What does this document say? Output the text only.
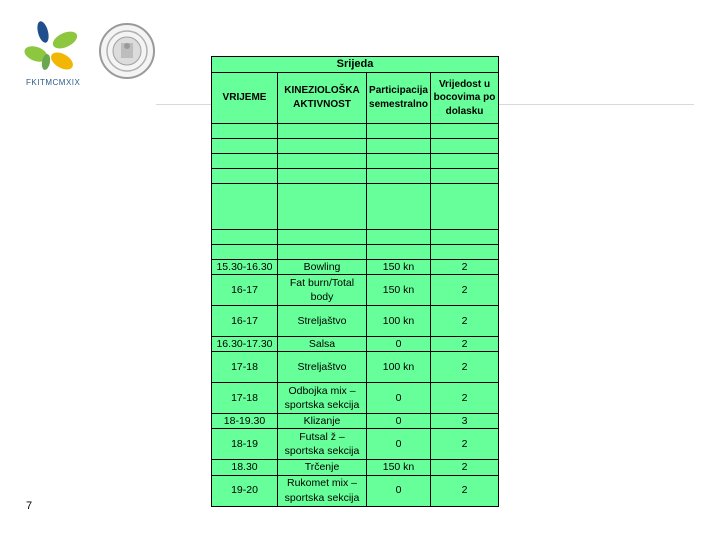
FKITMCMXIX
Srijeda			
VRIJEME	KINEZIOLOŠKA AKTIVNOST	Participacija semestralno	Vrijedost u bocovima po dolasku

15.30-16.30	Bowling	150 kn	2
16-17	Fat burn/Total body	150 kn	2
16-17	Streljaštvo	100 kn	2
16.30-17.30	Salsa	0	2
17-18	Streljaštvo	100 kn	2
17-18	Odbojka mix – sportska sekcija	0	2
18-19.30	Klizanje	0	3
18-19	Futsal ž – sportska sekcija	0	2
18.30	Trčenje	150 kn	2
19-20	Rukomet mix – sportska sekcija	0	2
7
